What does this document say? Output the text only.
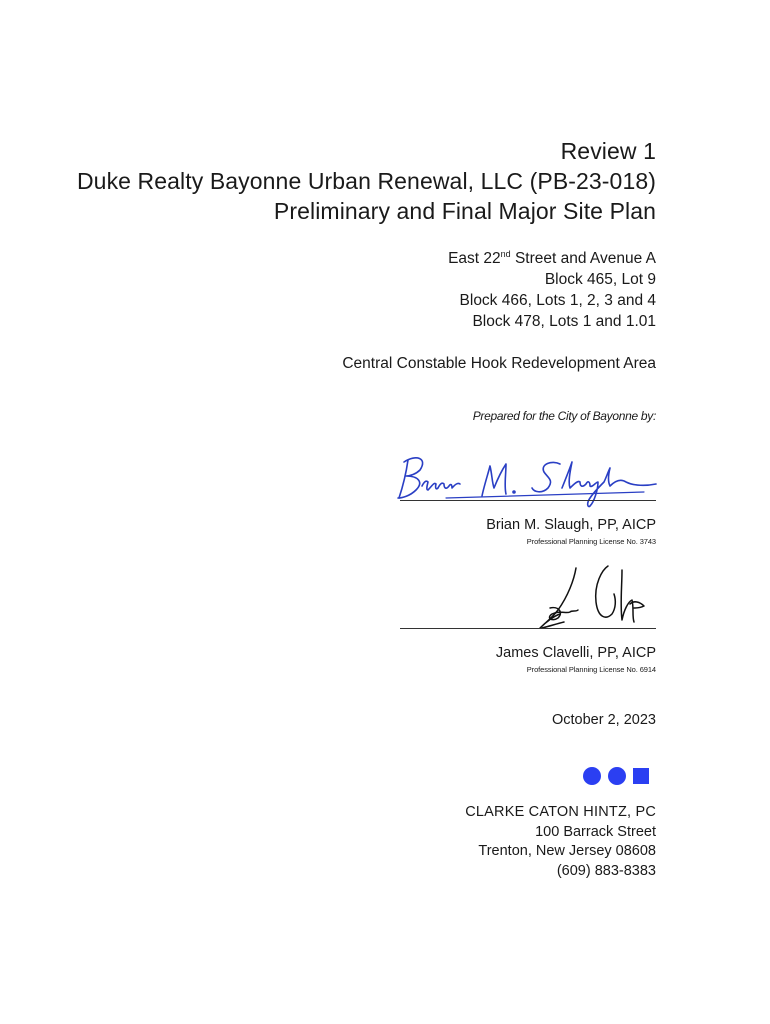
Review 1
Duke Realty Bayonne Urban Renewal, LLC (PB-23-018)
Preliminary and Final Major Site Plan
East 22nd Street and Avenue A
Block 465, Lot 9
Block 466, Lots 1, 2, 3 and 4
Block 478, Lots 1 and 1.01
Central Constable Hook Redevelopment Area
Prepared for the City of Bayonne by:
Brian M. Slaugh, PP, AICP
Professional Planning License No. 3743
James Clavelli, PP, AICP
Professional Planning License No. 6914
October 2, 2023
CLARKE CATON HINTZ, PC
100 Barrack Street
Trenton, New Jersey 08608
(609) 883-8383
